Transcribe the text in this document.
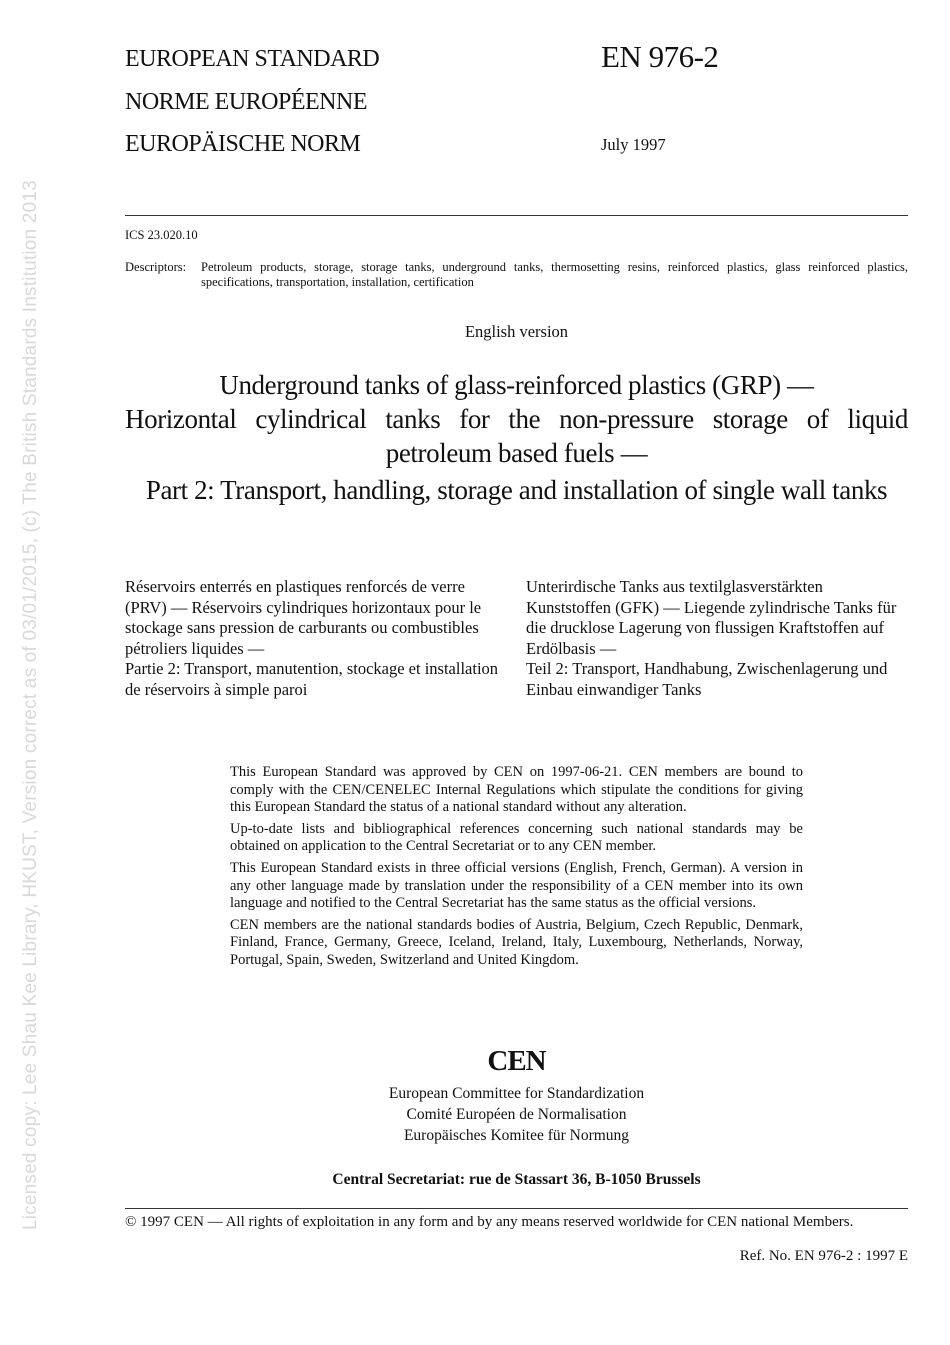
Licensed copy: Lee Shau Kee Library, HKUST, Version correct as of 03/01/2015, (c) The British Standards Institution 2013
EUROPEAN STANDARD
NORME EUROPÉENNE
EUROPÄISCHE NORM
EN 976-2
July 1997
ICS 23.020.10
Descriptors: Petroleum products, storage, storage tanks, underground tanks, thermosetting resins, reinforced plastics, glass reinforced plastics, specifications, transportation, installation, certification
English version
Underground tanks of glass-reinforced plastics (GRP) —
Horizontal cylindrical tanks for the non-pressure storage of liquid petroleum based fuels —
Part 2: Transport, handling, storage and installation of single wall tanks
Réservoirs enterrés en plastiques renforcés de verre (PRV) — Réservoirs cylindriques horizontaux pour le stockage sans pression de carburants ou combustibles pétroliers liquides —
Partie 2: Transport, manutention, stockage et installation de réservoirs à simple paroi
Unterirdische Tanks aus textilglasverstärkten Kunststoffen (GFK) — Liegende zylindrische Tanks für die drucklose Lagerung von flussigen Kraftstoffen auf Erdölbasis —
Teil 2: Transport, Handhabung, Zwischenlagerung und Einbau einwandiger Tanks

This European Standard was approved by CEN on 1997-06-21. CEN members are bound to comply with the CEN/CENELEC Internal Regulations which stipulate the conditions for giving this European Standard the status of a national standard without any alteration.

Up-to-date lists and bibliographical references concerning such national standards may be obtained on application to the Central Secretariat or to any CEN member.

This European Standard exists in three official versions (English, French, German). A version in any other language made by translation under the responsibility of a CEN member into its own language and notified to the Central Secretariat has the same status as the official versions.

CEN members are the national standards bodies of Austria, Belgium, Czech Republic, Denmark, Finland, France, Germany, Greece, Iceland, Ireland, Italy, Luxembourg, Netherlands, Norway, Portugal, Spain, Sweden, Switzerland and United Kingdom.

CEN
European Committee for Standardization
Comité Européen de Normalisation
Europäisches Komitee für Normung
Central Secretariat: rue de Stassart 36, B-1050 Brussels
© 1997 CEN — All rights of exploitation in any form and by any means reserved worldwide for CEN national Members.
Ref. No. EN 976-2 : 1997 E
